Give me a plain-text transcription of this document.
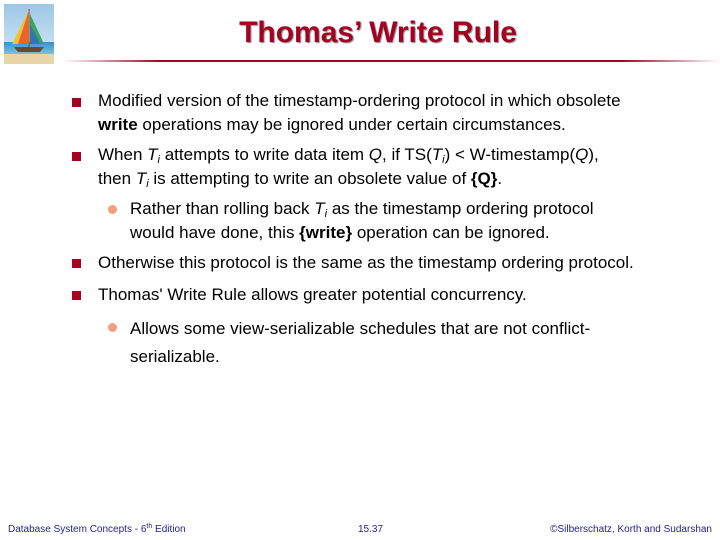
Thomas’ Write Rule
Modified version of the timestamp-ordering protocol in which obsolete
write operations may be ignored under certain circumstances.
When $T_i$ attempts to write data item Q, if $TS(T_i)$ < W-timestamp(Q),
then $T_i$ is attempting to write an obsolete value of {Q}.
Rather than rolling back $T_i$ as the timestamp ordering protocol
would have done, this {write} operation can be ignored.
Otherwise this protocol is the same as the timestamp ordering protocol.
Thomas' Write Rule allows greater potential concurrency.
Allows some view-serializable schedules that are not conflict-
serializable.
Database System Concepts - 6th Edition	15.37	©Silberschatz, Korth and Sudarshan
